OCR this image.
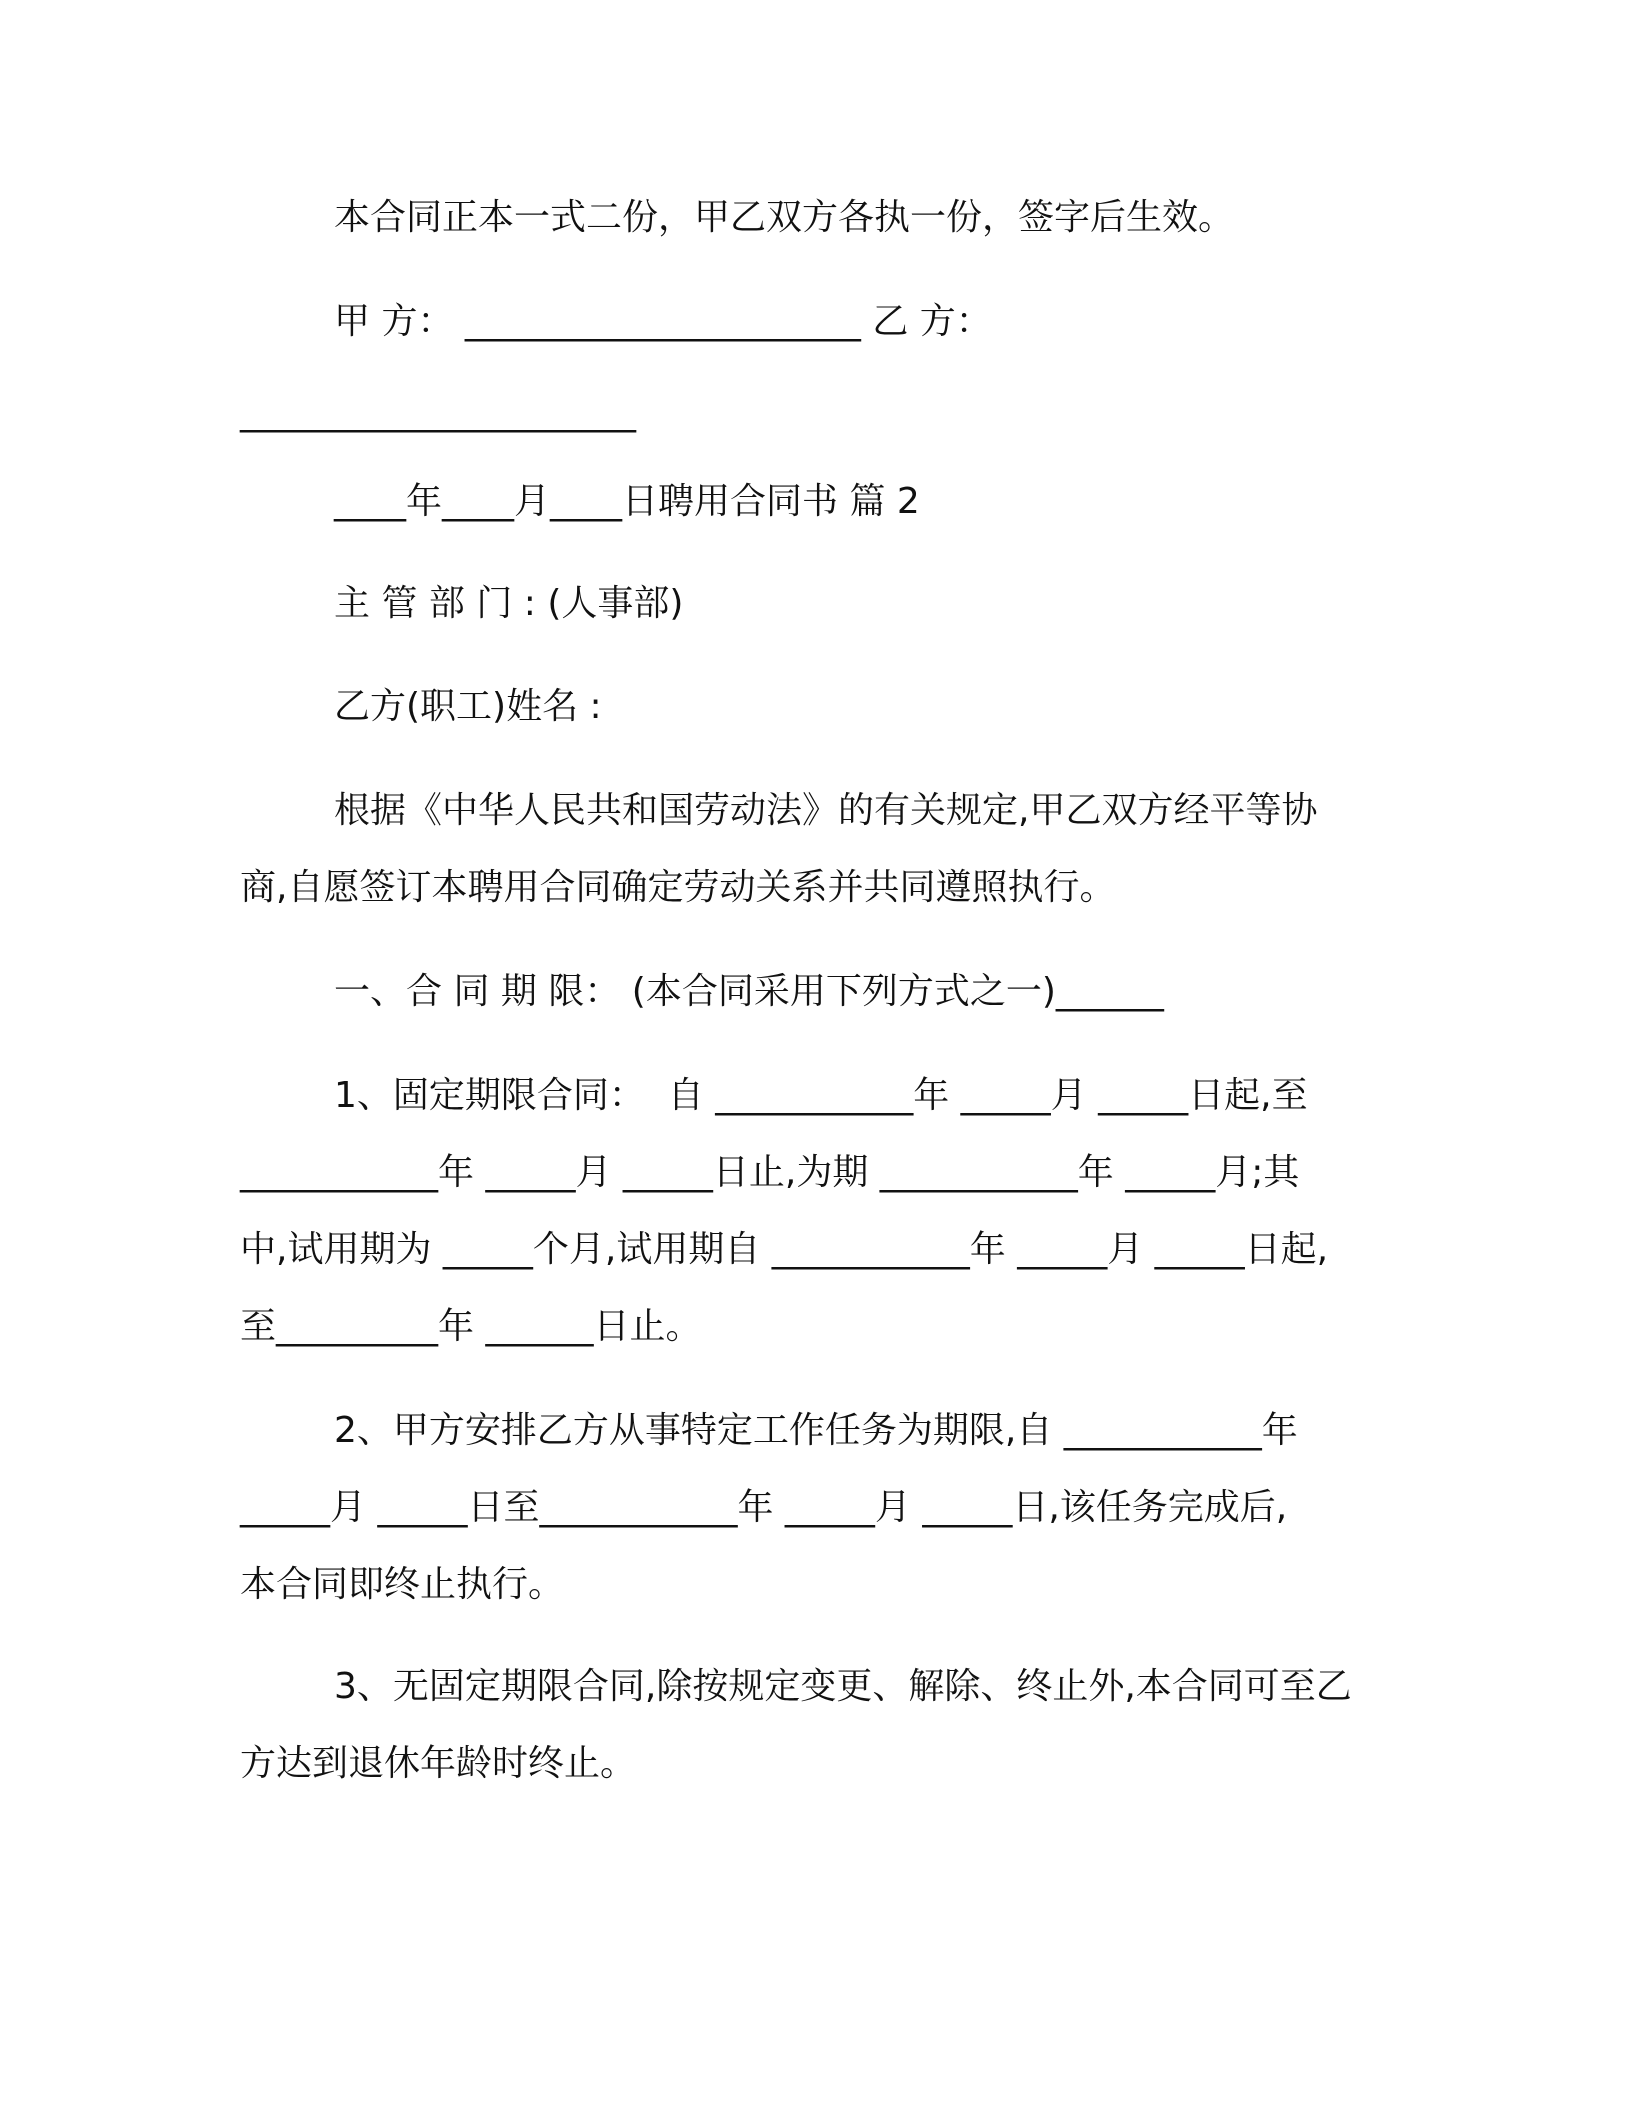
本合同正本一式二份，甲乙双方各执一份，签字后生效。
甲 方： ______________________ 乙 方：
______________________
____年____月____日聘用合同书 篇 2
主 管 部 门 : (人事部)
乙方(职工)姓名 :
根据《中华人民共和国劳动法》的有关规定,甲乙双方经平等协
商,自愿签订本聘用合同确定劳动关系并共同遵照执行。
一、合 同 期 限： (本合同采用下列方式之一)______
1、固定期限合同：  自 ___________年 _____月 _____日起,至
___________年 _____月 _____日止,为期 ___________年 _____月;其
中,试用期为 _____个月,试用期自 ___________年 _____月 _____日起,
至_________年 ______日止。
2、甲方安排乙方从事特定工作任务为期限,自 ___________年
_____月 _____日至___________年 _____月 _____日,该任务完成后,
本合同即终止执行。
3、无固定期限合同,除按规定变更、解除、终止外,本合同可至乙
方达到退休年龄时终止。
